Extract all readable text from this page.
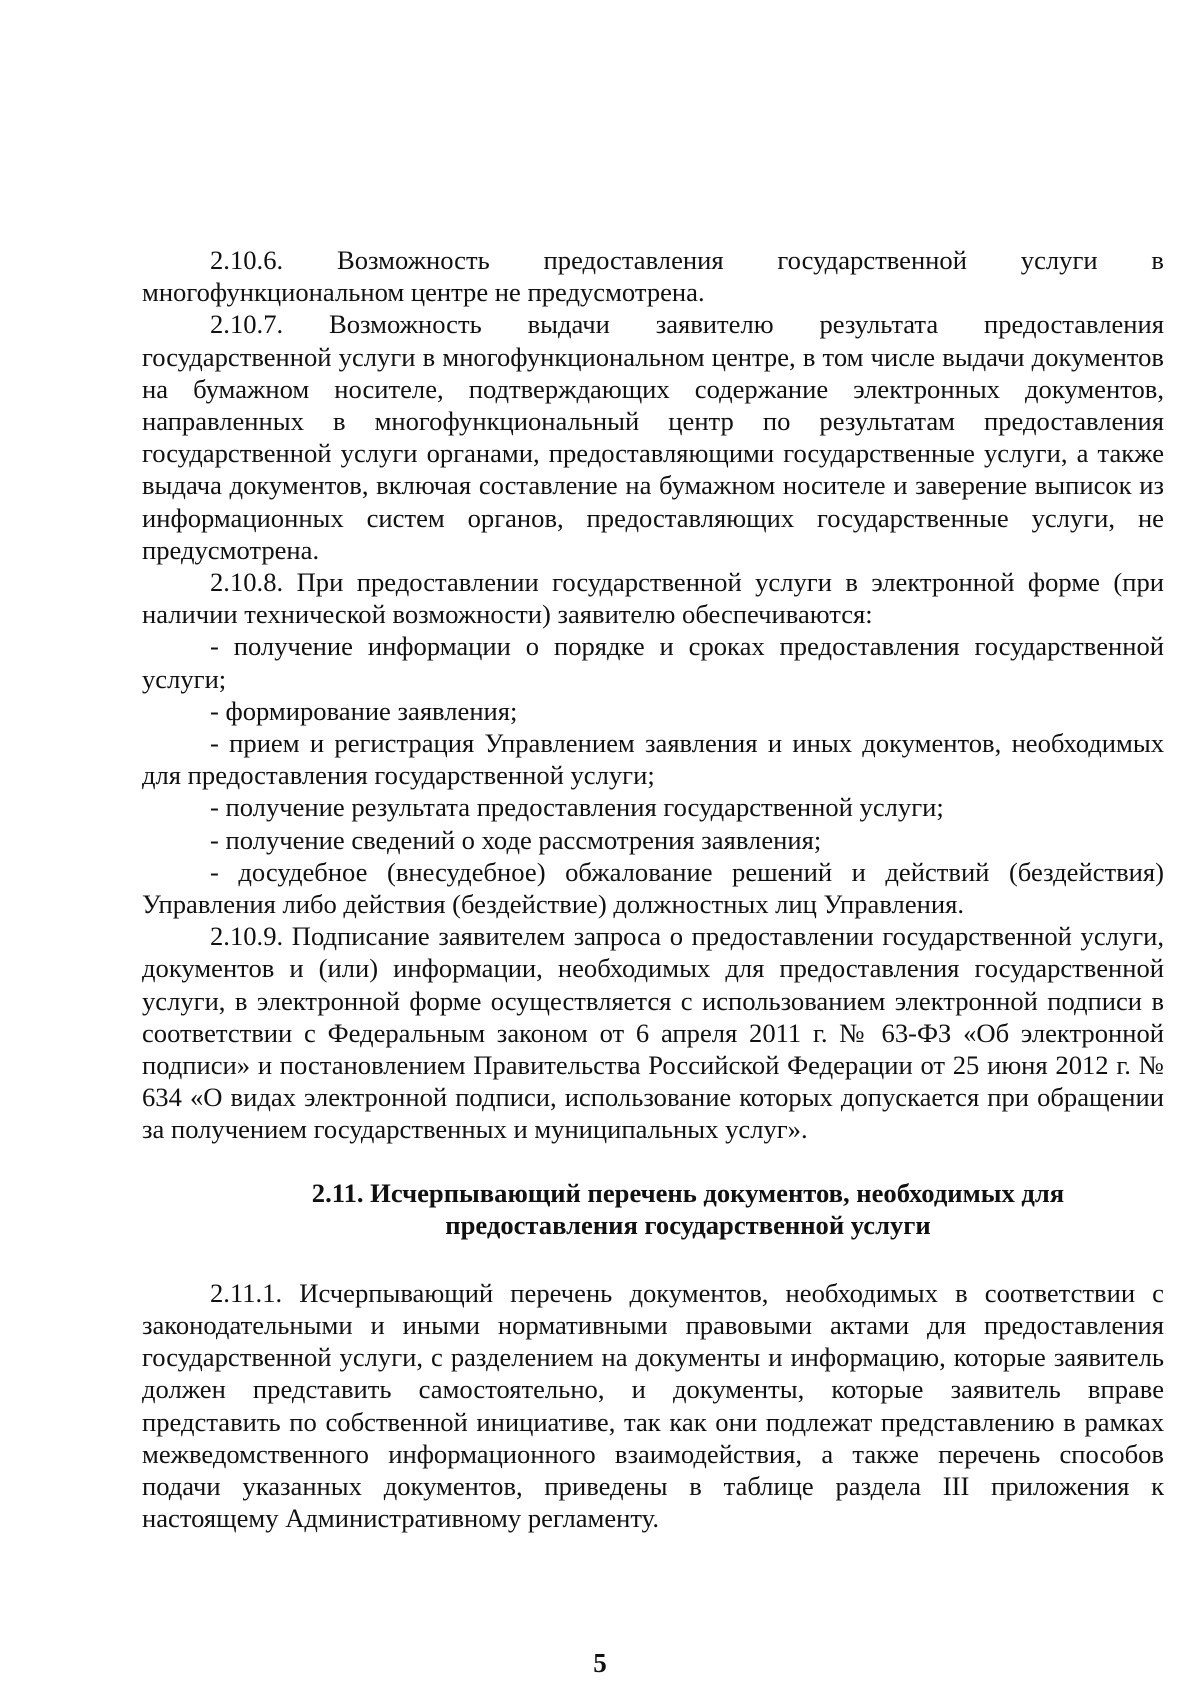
2.10.6. Возможность предоставления государственной услуги в многофункциональном центре не предусмотрена.

2.10.7. Возможность выдачи заявителю результата предоставления государственной услуги в многофункциональном центре, в том числе выдачи документов на бумажном носителе, подтверждающих содержание электронных документов, направленных в многофункциональный центр по результатам предоставления государственной услуги органами, предоставляющими государственные услуги, а также выдача документов, включая составление на бумажном носителе и заверение выписок из информационных систем органов, предоставляющих государственные услуги, не предусмотрена.

2.10.8. При предоставлении государственной услуги в электронной форме (при наличии технической возможности) заявителю обеспечиваются:

- получение информации о порядке и сроках предоставления государственной услуги;

- формирование заявления;

- прием и регистрация Управлением заявления и иных документов, необходимых для предоставления государственной услуги;

- получение результата предоставления государственной услуги;

- получение сведений о ходе рассмотрения заявления;

- досудебное (внесудебное) обжалование решений и действий (бездействия) Управления либо действия (бездействие) должностных лиц Управления.

2.10.9. Подписание заявителем запроса о предоставлении государственной услуги, документов и (или) информации, необходимых для предоставления государственной услуги, в электронной форме осуществляется с использованием электронной подписи в соответствии с Федеральным законом от 6 апреля 2011 г. № 63-ФЗ «Об электронной подписи» и постановлением Правительства Российской Федерации от 25 июня 2012 г. № 634 «О видах электронной подписи, использование которых допускается при обращении за получением государственных и муниципальных услуг».

2.11. Исчерпывающий перечень документов, необходимых для
предоставления государственной услуги

2.11.1. Исчерпывающий перечень документов, необходимых в соответствии с законодательными и иными нормативными правовыми актами для предоставления государственной услуги, с разделением на документы и информацию, которые заявитель должен представить самостоятельно, и документы, которые заявитель вправе представить по собственной инициативе, так как они подлежат представлению в рамках межведомственного информационного взаимодействия, а также перечень способов подачи указанных документов, приведены в таблице раздела III приложения к настоящему Административному регламенту.

5
